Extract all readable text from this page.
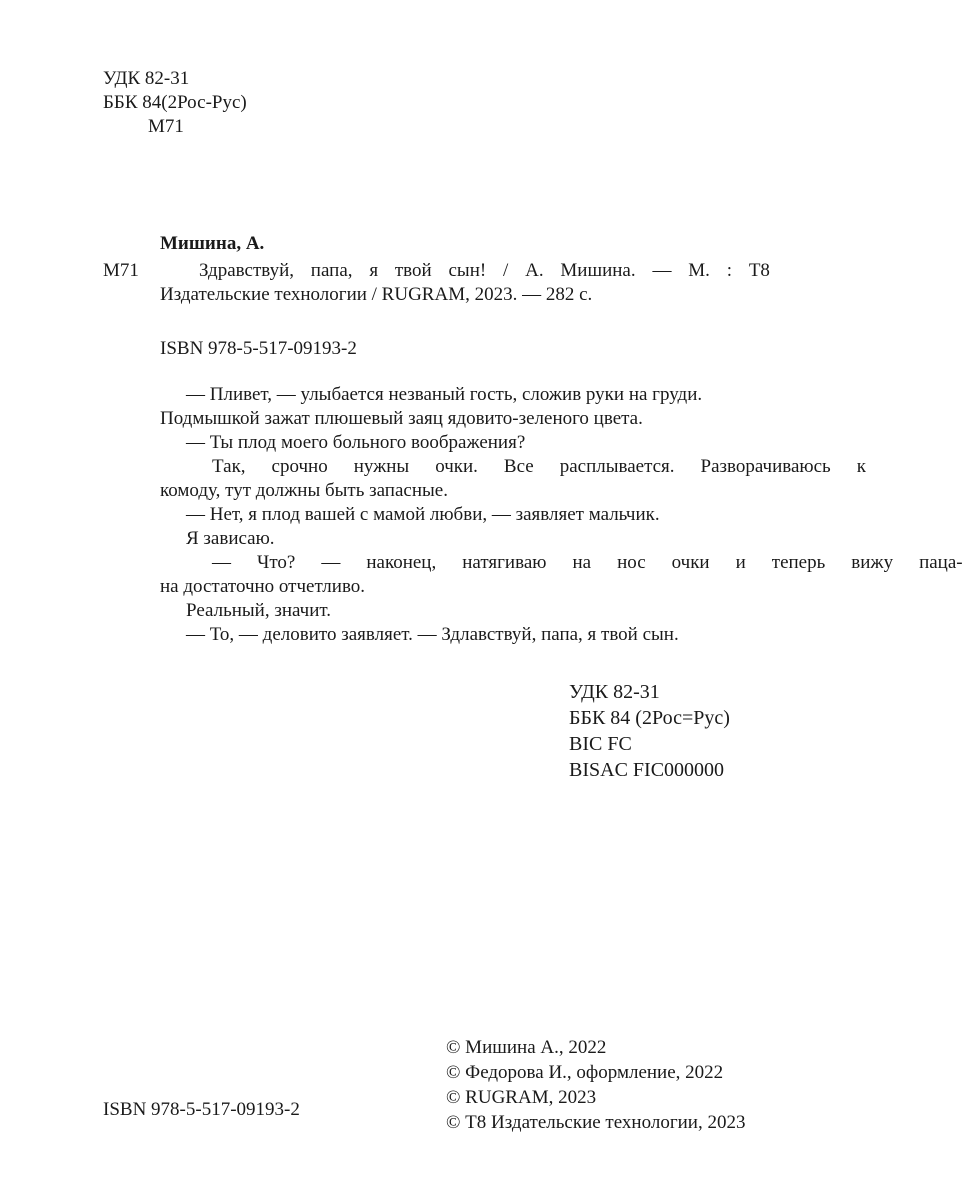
УДК 82-31
ББК 84(2Рос-Рус)
М71
Мишина, А.
М71	Здравствуй, папа, я твой сын! / А. Мишина. — М. : Т8
Издательские технологии / RUGRAM, 2023. — 282 с.
ISBN 978-5-517-09193-2
— Пливет, — улыбается незваный гость, сложив руки на груди.
Подмышкой зажат плюшевый заяц ядовито-зеленого цвета.
— Ты плод моего больного воображения?
Так,	срочно	нужны	очки.	Все	расплывается.	Разворачиваюсь	к
комоду, тут должны быть запасные.
— Нет, я плод вашей с мамой любви, — заявляет мальчик.
Я зависаю.
—	Что?	—	наконец,	натягиваю	на	нос	очки	и	теперь	вижу	паца-
на достаточно отчетливо.
Реальный, значит.
— То, — деловито заявляет. — Здлавствуй, папа, я твой сын.
УДК 82-31
ББК 84 (2Рос=Рус)
BIC FC
BISAC FIC000000
ISBN 978-5-517-09193-2
© Мишина А., 2022
© Федорова И., оформление, 2022
© RUGRAM, 2023
© Т8 Издательские технологии, 2023
